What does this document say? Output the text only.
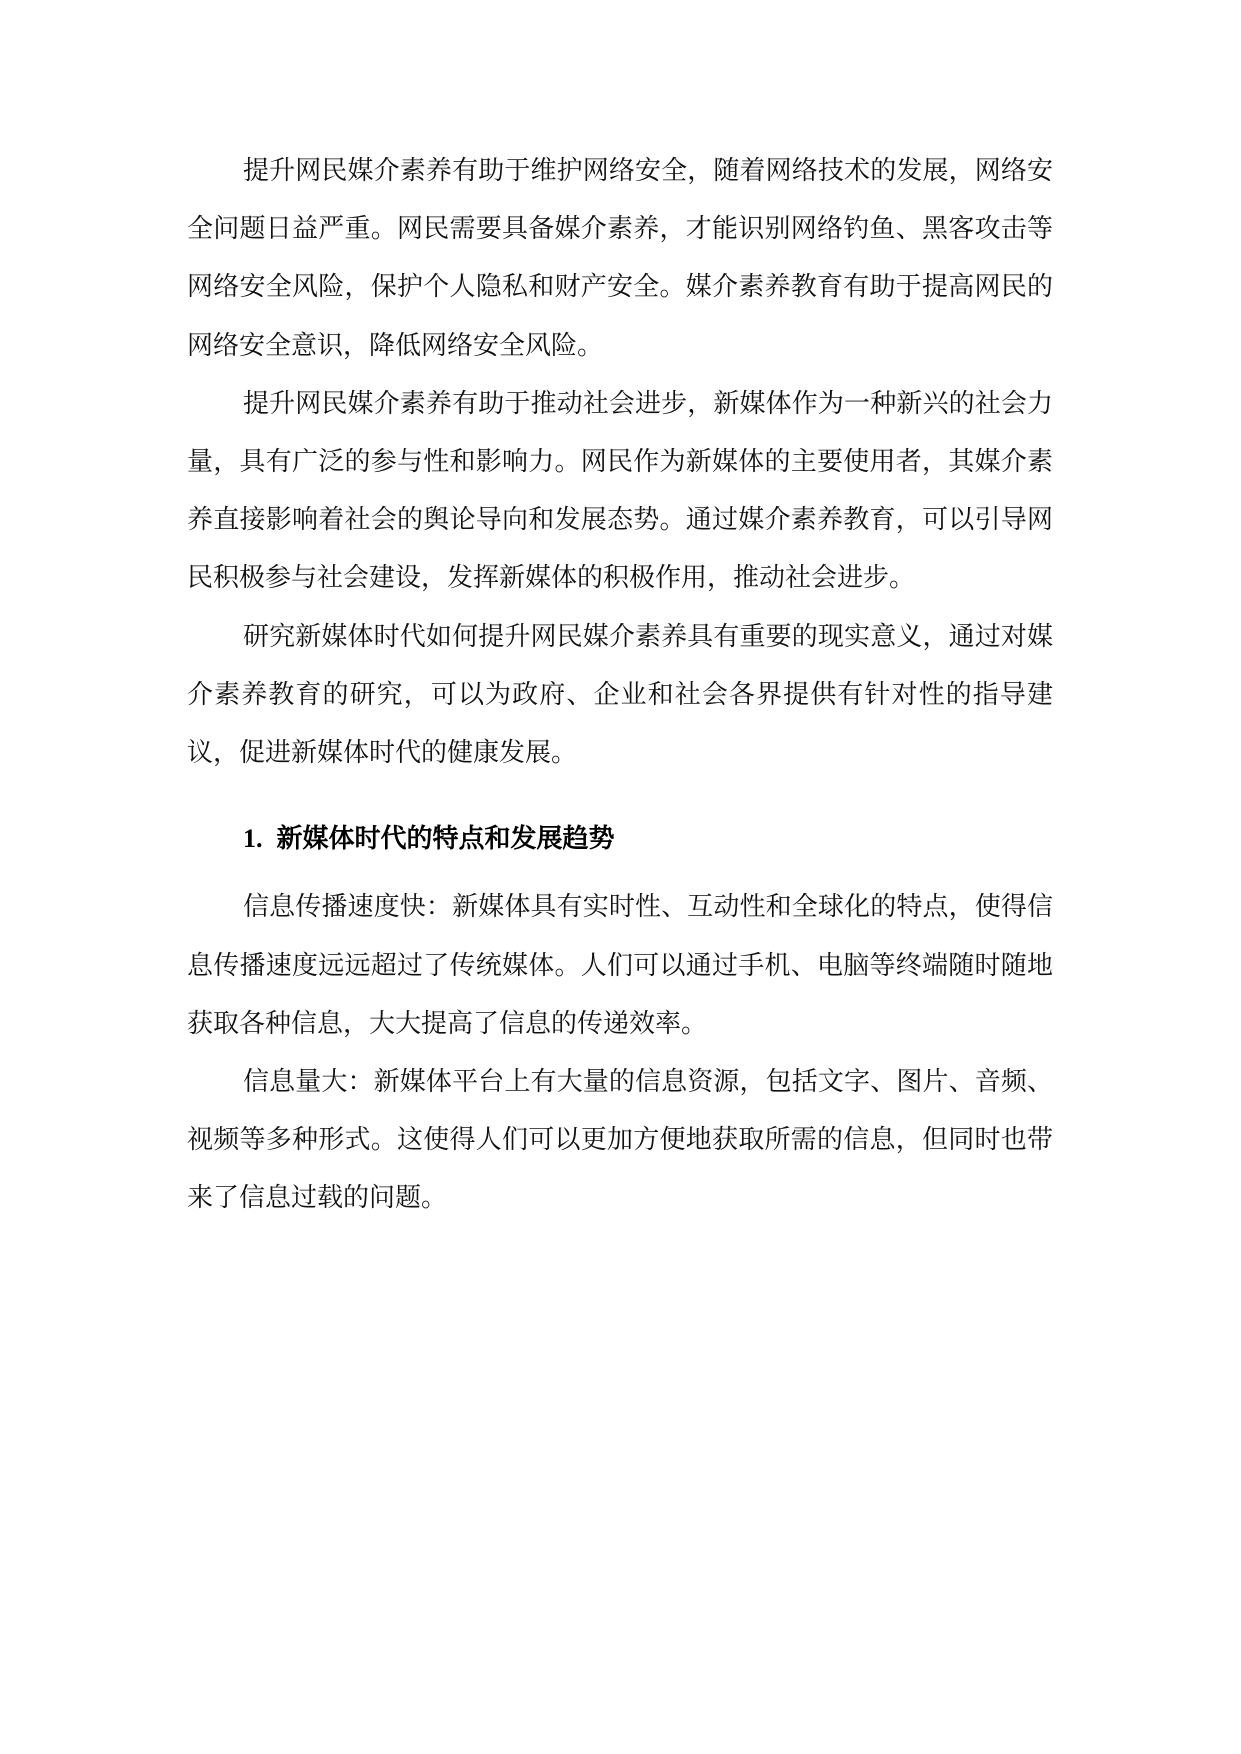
提升网民媒介素养有助于维护网络安全，随着网络技术的发展，网络安全问题日益严重。网民需要具备媒介素养，才能识别网络钓鱼、黑客攻击等网络安全风险，保护个人隐私和财产安全。媒介素养教育有助于提高网民的网络安全意识，降低网络安全风险。

提升网民媒介素养有助于推动社会进步，新媒体作为一种新兴的社会力量，具有广泛的参与性和影响力。网民作为新媒体的主要使用者，其媒介素养直接影响着社会的舆论导向和发展态势。通过媒介素养教育，可以引导网民积极参与社会建设，发挥新媒体的积极作用，推动社会进步。

研究新媒体时代如何提升网民媒介素养具有重要的现实意义，通过对媒介素养教育的研究，可以为政府、企业和社会各界提供有针对性的指导建议，促进新媒体时代的健康发展。

1. 新媒体时代的特点和发展趋势

信息传播速度快：新媒体具有实时性、互动性和全球化的特点，使得信息传播速度远远超过了传统媒体。人们可以通过手机、电脑等终端随时随地获取各种信息，大大提高了信息的传递效率。

信息量大：新媒体平台上有大量的信息资源，包括文字、图片、音频、视频等多种形式。这使得人们可以更加方便地获取所需的信息，但同时也带来了信息过载的问题。
